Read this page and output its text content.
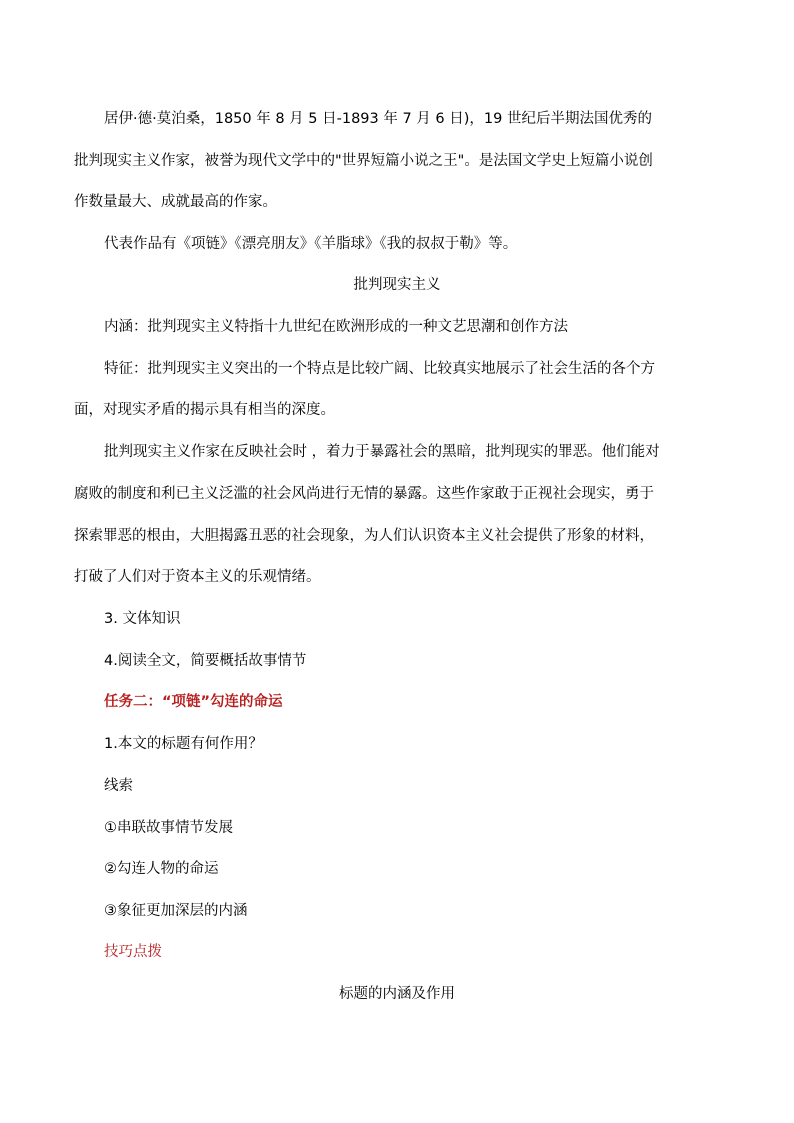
居伊·德·莫泊桑，1850 年 8 月 5 日-1893 年 7 月 6 日)，19 世纪后半期法国优秀的
批判现实主义作家，被誉为现代文学中的"世界短篇小说之王"。是法国文学史上短篇小说创
作数量最大、成就最高的作家。
代表作品有《项链》《漂亮朋友》《羊脂球》《我的叔叔于勒》等。
批判现实主义
内涵：批判现实主义特指十九世纪在欧洲形成的一种文艺思潮和创作方法
特征：批判现实主义突出的一个特点是比较广阔、比较真实地展示了社会生活的各个方
面，对现实矛盾的揭示具有相当的深度。
批判现实主义作家在反映社会时 ，着力于暴露社会的黑暗，批判现实的罪恶。他们能对
腐败的制度和利已主义泛滥的社会风尚进行无情的暴露。这些作家敢于正视社会现实，勇于
探索罪恶的根由，大胆揭露丑恶的社会现象，为人们认识资本主义社会提供了形象的材料，
打破了人们对于资本主义的乐观情绪。
3. 文体知识
4.阅读全文，简要概括故事情节
任务二：“项链”勾连的命运
1.本文的标题有何作用？
线索
①串联故事情节发展
②勾连人物的命运
③象征更加深层的内涵
技巧点拨
标题的内涵及作用
